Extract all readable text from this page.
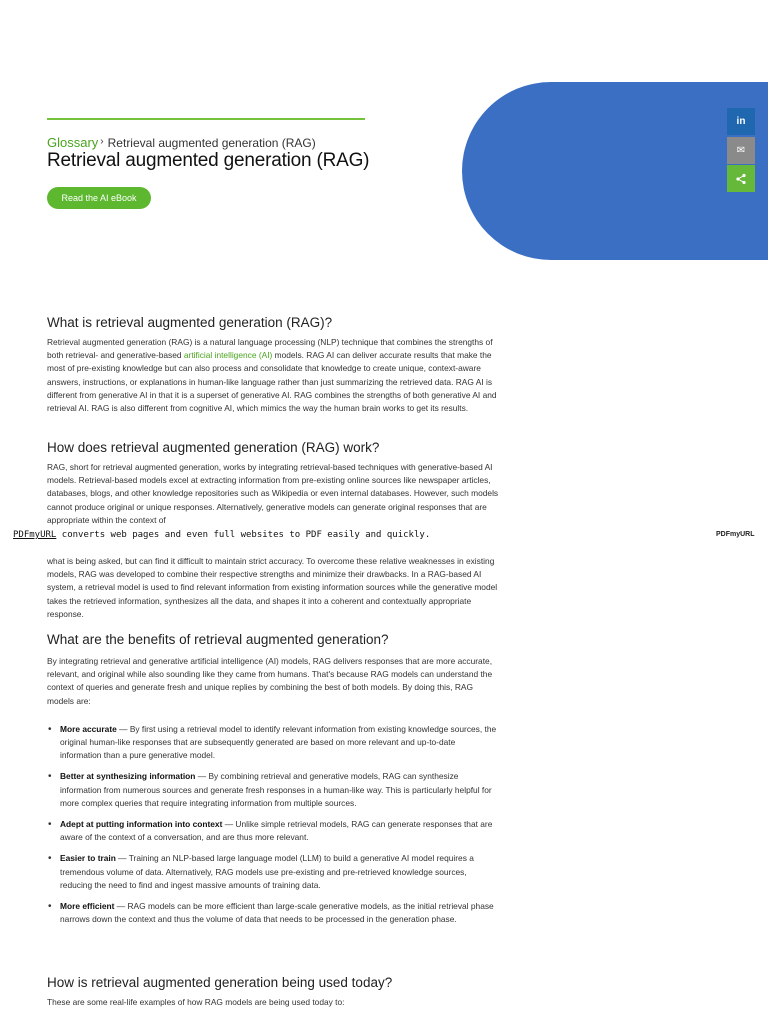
Glossary › Retrieval augmented generation (RAG)
Retrieval augmented generation (RAG)
Read the AI eBook
in
✉
What is retrieval augmented generation (RAG)?

Retrieval augmented generation (RAG) is a natural language processing (NLP) technique that combines the strengths of both retrieval- and generative-based artificial intelligence (AI) models. RAG AI can deliver accurate results that make the most of pre-existing knowledge but can also process and consolidate that knowledge to create unique, context-aware answers, instructions, or explanations in human-like language rather than just summarizing the retrieved data. RAG AI is different from generative AI in that it is a superset of generative AI. RAG combines the strengths of both generative AI and retrieval AI. RAG is also different from cognitive AI, which mimics the way the human brain works to get its results.

How does retrieval augmented generation (RAG) work?

RAG, short for retrieval augmented generation, works by integrating retrieval-based techniques with generative-based AI models. Retrieval-based models excel at extracting information from pre-existing online sources like newspaper articles, databases, blogs, and other knowledge repositories such as Wikipedia or even internal databases. However, such models cannot produce original or unique responses. Alternatively, generative models can generate original responses that are appropriate within the context of

PDFmyURL converts web pages and even full websites to PDF easily and quickly.	PDFmyURL

what is being asked, but can find it difficult to maintain strict accuracy. To overcome these relative weaknesses in existing models, RAG was developed to combine their respective strengths and minimize their drawbacks. In a RAG-based AI system, a retrieval model is used to find relevant information from existing information sources while the generative model takes the retrieved information, synthesizes all the data, and shapes it into a coherent and contextually appropriate response.

What are the benefits of retrieval augmented generation?

By integrating retrieval and generative artificial intelligence (AI) models, RAG delivers responses that are more accurate, relevant, and original while also sounding like they came from humans. That's because RAG models can understand the context of queries and generate fresh and unique replies by combining the best of both models. By doing this, RAG models are:

• More accurate — By first using a retrieval model to identify relevant information from existing knowledge sources, the original human-like responses that are subsequently generated are based on more relevant and up-to-date information than a pure generative model.
• Better at synthesizing information — By combining retrieval and generative models, RAG can synthesize information from numerous sources and generate fresh responses in a human-like way. This is particularly helpful for more complex queries that require integrating information from multiple sources.
• Adept at putting information into context — Unlike simple retrieval models, RAG can generate responses that are aware of the context of a conversation, and are thus more relevant.
• Easier to train — Training an NLP-based large language model (LLM) to build a generative AI model requires a tremendous volume of data. Alternatively, RAG models use pre-existing and pre-retrieved knowledge sources, reducing the need to find and ingest massive amounts of training data.
• More efficient — RAG models can be more efficient than large-scale generative models, as the initial retrieval phase narrows down the context and thus the volume of data that needs to be processed in the generation phase.
How is retrieval augmented generation being used today?

These are some real-life examples of how RAG models are being used today to:
